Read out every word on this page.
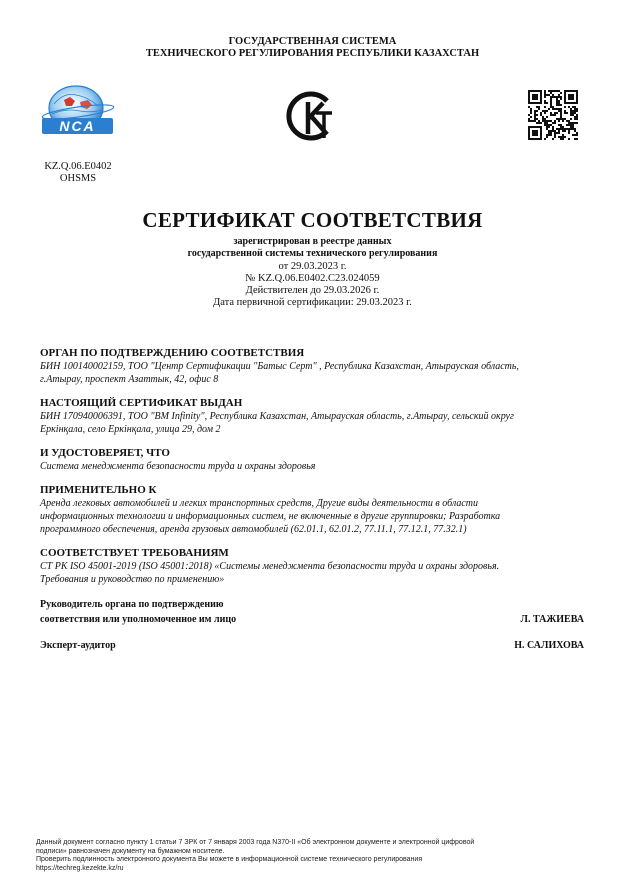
ГОСУДАРСТВЕННАЯ СИСТЕМА
ТЕХНИЧЕСКОГО РЕГУЛИРОВАНИЯ РЕСПУБЛИКИ КАЗАХСТАН
NCA
KZ.Q.06.E0402
OHSMS
СЕРТИФИКАТ СООТВЕТСТВИЯ
зарегистрирован в реестре данных
государственной системы технического регулирования
от 29.03.2023 г.
№ KZ.Q.06.E0402.C23.024059
Действителен до 29.03.2026 г.
Дата первичной сертификации: 29.03.2023 г.
ОРГАН ПО ПОДТВЕРЖДЕНИЮ СООТВЕТСТВИЯ
БИН 100140002159, ТОО "Центр Сертификации "Батыс Серт" , Республика Казахстан, Атырауская область,
г.Атырау, проспект Азаттык, 42, офис 8
НАСТОЯЩИЙ СЕРТИФИКАТ ВЫДАН
БИН 170940006391, ТОО "BM Infinity", Республика Казахстан, Атырауская область, г.Атырау, сельский округ
Еркінқала, село Еркінқала, улица 29, дом 2
И УДОСТОВЕРЯЕТ, ЧТО
Система менеджмента безопасности труда и охраны здоровья
ПРИМЕНИТЕЛЬНО К
Аренда легковых автомобилей и легких транспортных средств, Другие виды деятельности в области
информационных технологии и информационных систем, не включенные в другие группировки; Разработка
программного обеспечения, аренда грузовых автомобилей (62.01.1, 62.01.2, 77.11.1, 77.12.1, 77.32.1)
СООТВЕТСТВУЕТ ТРЕБОВАНИЯМ
СТ РК ISO 45001-2019 (ISO 45001:2018) «Системы менеджмента безопасности труда и охраны здоровья.
Требования и руководство по применению»
Руководитель органа по подтверждению
соответствия или уполномоченное им лицо	Л. ТАЖИЕВА
Эксперт-аудитор	Н. САЛИХОВА
Данный документ согласно пункту 1 статьи 7 ЗРК от 7 января 2003 года N370-II «Об электронном документе и электронной цифровой
подписи» равнозначен документу на бумажном носителе.
Проверить подлинность электронного документа Вы можете в информационной системе технического регулирования
https://techreg.kezekte.kz/ru
